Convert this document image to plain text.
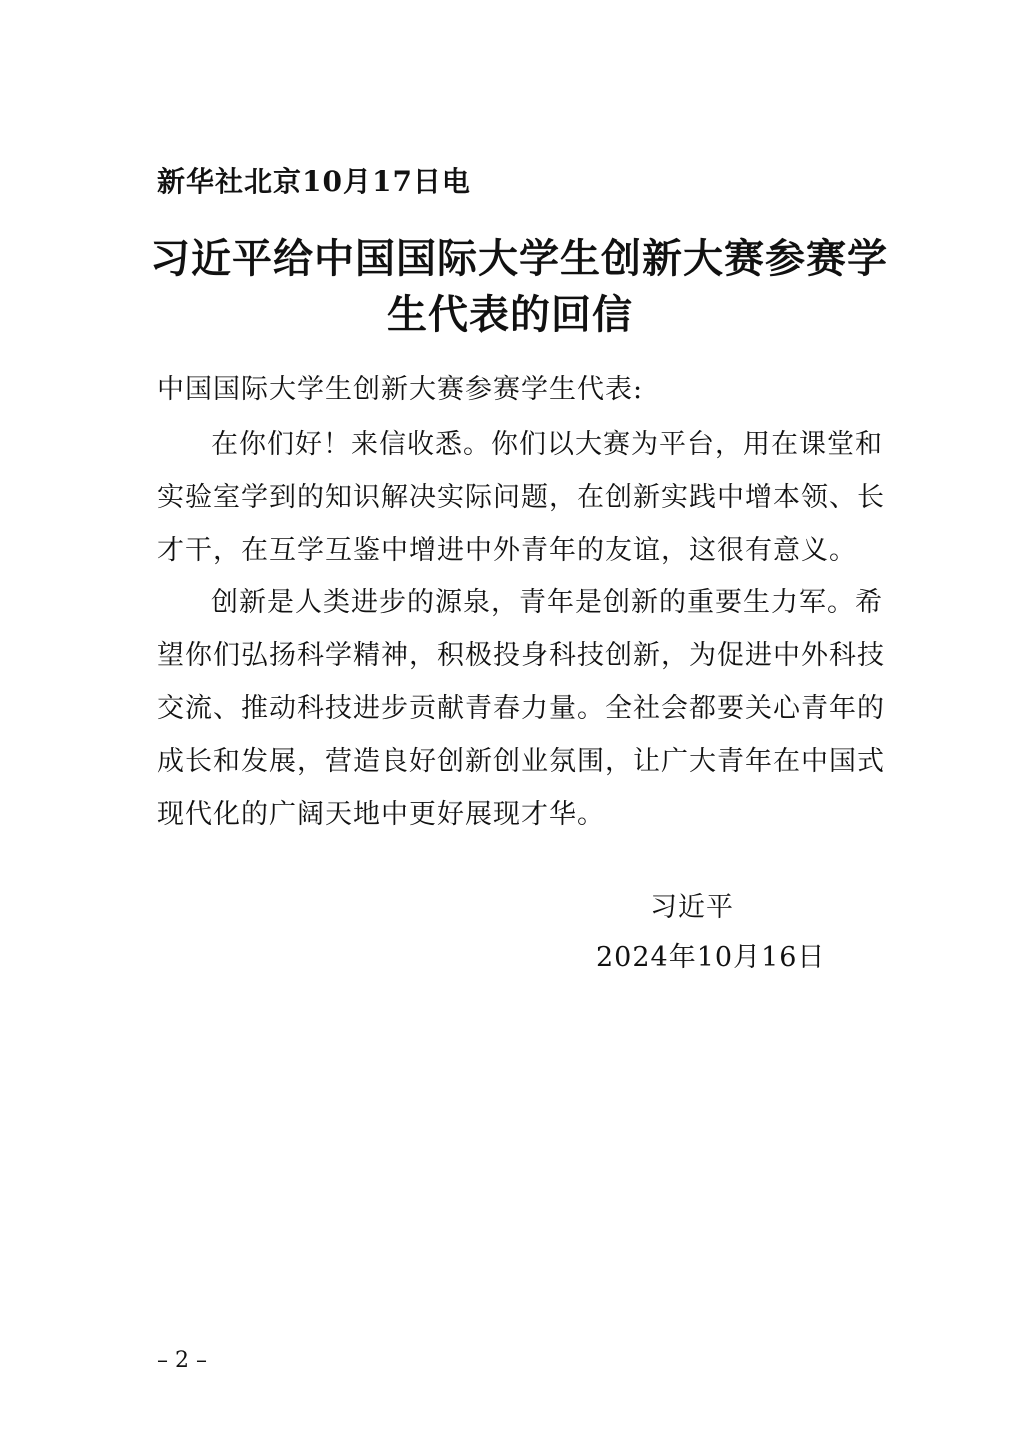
新华社北京10月17日电
习近平给中国国际大学生创新大赛参赛学
生代表的回信
中国国际大学生创新大赛参赛学生代表:
在你们好！来信收悉。你们以大赛为平台，用在课堂和
实验室学到的知识解决实际问题，在创新实践中增本领、长
才干，在互学互鉴中增进中外青年的友谊，这很有意义。
创新是人类进步的源泉，青年是创新的重要生力军。希
望你们弘扬科学精神，积极投身科技创新，为促进中外科技
交流、推动科技进步贡献青春力量。全社会都要关心青年的
成长和发展，营造良好创新创业氛围，让广大青年在中国式
现代化的广阔天地中更好展现才华。
习近平
2024年10月16日
– 2 –
